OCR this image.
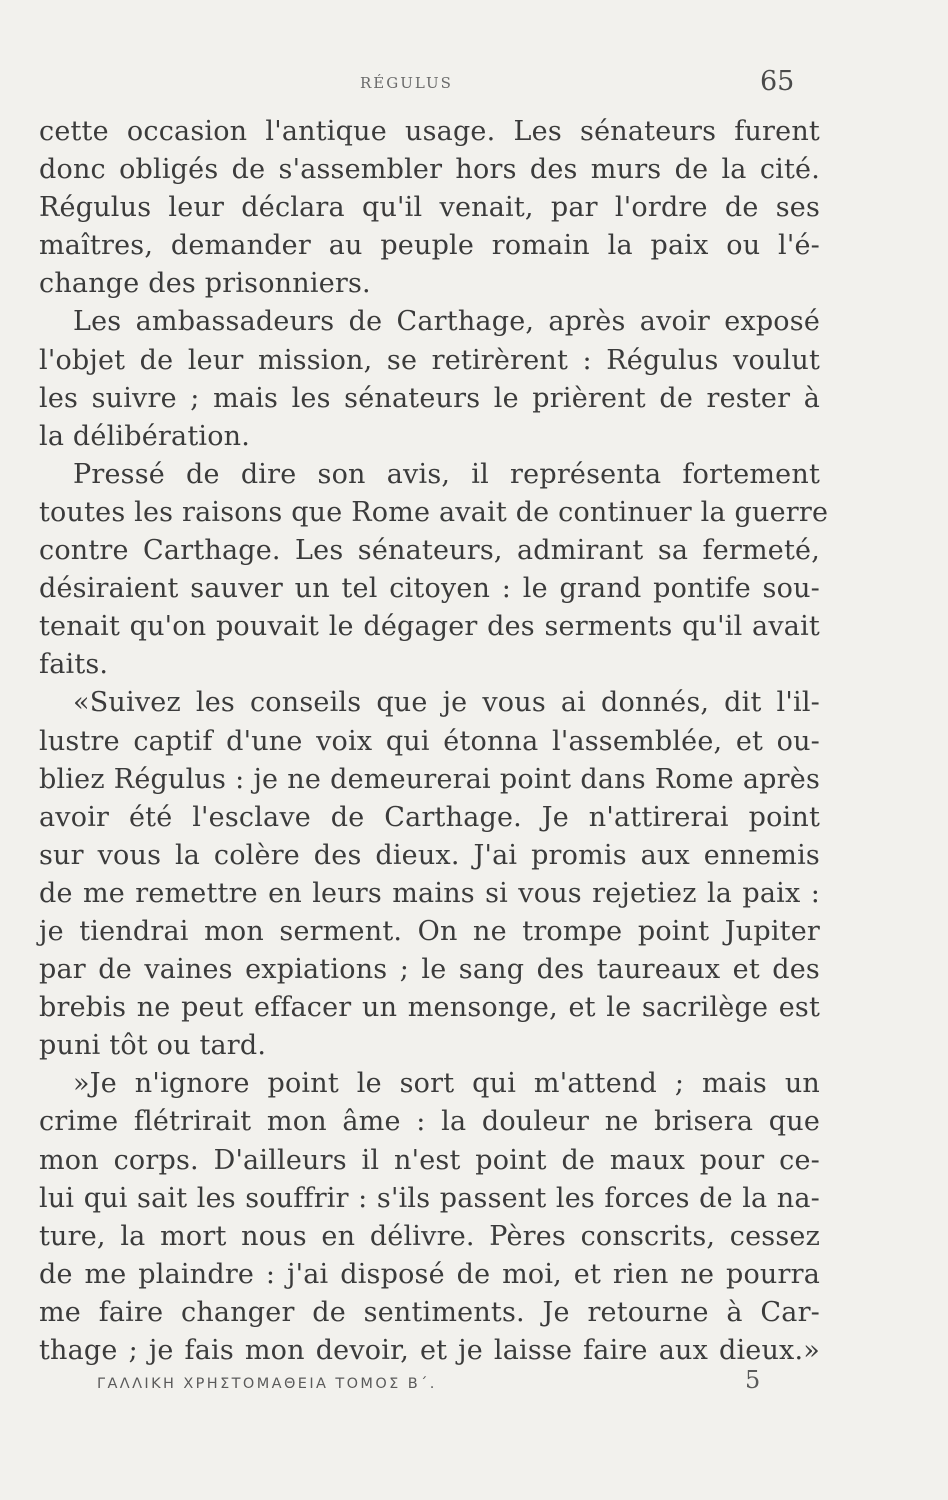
RÉGULUS	65
cette occasion l'antique usage. Les sénateurs furent
donc obligés de s'assembler hors des murs de la cité.
Régulus leur déclara qu'il venait, par l'ordre de ses
maîtres, demander au peuple romain la paix ou l'é-
change des prisonniers.
Les ambassadeurs de Carthage, après avoir exposé
l'objet de leur mission, se retirèrent : Régulus voulut
les suivre ; mais les sénateurs le prièrent de rester à
la délibération.
Pressé de dire son avis, il représenta fortement
toutes les raisons que Rome avait de continuer la guerre
contre Carthage. Les sénateurs, admirant sa fermeté,
désiraient sauver un tel citoyen : le grand pontife sou-
tenait qu'on pouvait le dégager des serments qu'il avait
faits.
«Suivez les conseils que je vous ai donnés, dit l'il-
lustre captif d'une voix qui étonna l'assemblée, et ou-
bliez Régulus : je ne demeurerai point dans Rome après
avoir été l'esclave de Carthage. Je n'attirerai point
sur vous la colère des dieux. J'ai promis aux ennemis
de me remettre en leurs mains si vous rejetiez la paix :
je tiendrai mon serment. On ne trompe point Jupiter
par de vaines expiations ; le sang des taureaux et des
brebis ne peut effacer un mensonge, et le sacrilège est
puni tôt ou tard.
»Je n'ignore point le sort qui m'attend ; mais un
crime flétrirait mon âme : la douleur ne brisera que
mon corps. D'ailleurs il n'est point de maux pour ce-
lui qui sait les souffrir : s'ils passent les forces de la na-
ture, la mort nous en délivre. Pères conscrits, cessez
de me plaindre : j'ai disposé de moi, et rien ne pourra
me faire changer de sentiments. Je retourne à Car-
thage ; je fais mon devoir, et je laisse faire aux dieux.»
ΓΑΛΛΙΚΗ ΧΡΗΣΤΟΜΑΘΕΙΑ ΤΟΜΟΣ Β΄.	5
